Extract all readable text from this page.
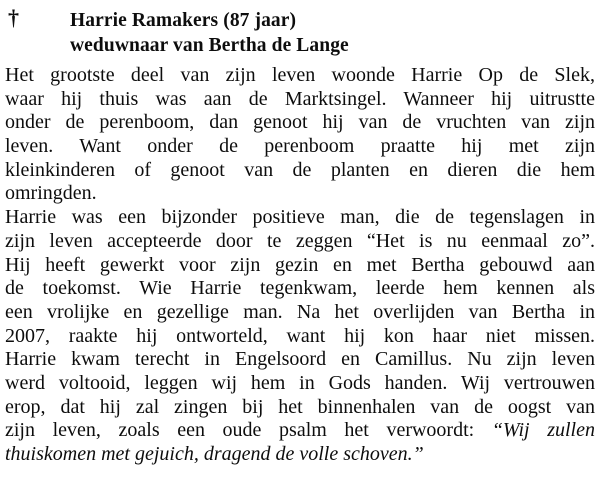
†	Harrie Ramakers (87 jaar)
weduwnaar van Bertha de Lange
Het grootste deel van zijn leven woonde Harrie Op de Slek,
waar hij thuis was aan de Marktsingel. Wanneer hij uitrustte
onder de perenboom, dan genoot hij van de vruchten van zijn
leven. Want onder de perenboom praatte hij met zijn
kleinkinderen of genoot van de planten en dieren die hem
omringden.
Harrie was een bijzonder positieve man, die de tegenslagen in
zijn leven accepteerde door te zeggen “Het is nu eenmaal zo”.
Hij heeft gewerkt voor zijn gezin en met Bertha gebouwd aan
de toekomst. Wie Harrie tegenkwam, leerde hem kennen als
een vrolijke en gezellige man. Na het overlijden van Bertha in
2007, raakte hij ontworteld, want hij kon haar niet missen.
Harrie kwam terecht in Engelsoord en Camillus. Nu zijn leven
werd voltooid, leggen wij hem in Gods handen. Wij vertrouwen
erop, dat hij zal zingen bij het binnenhalen van de oogst van
zijn leven, zoals een oude psalm het verwoordt: “Wij zullen
thuiskomen met gejuich, dragend de volle schoven.”
